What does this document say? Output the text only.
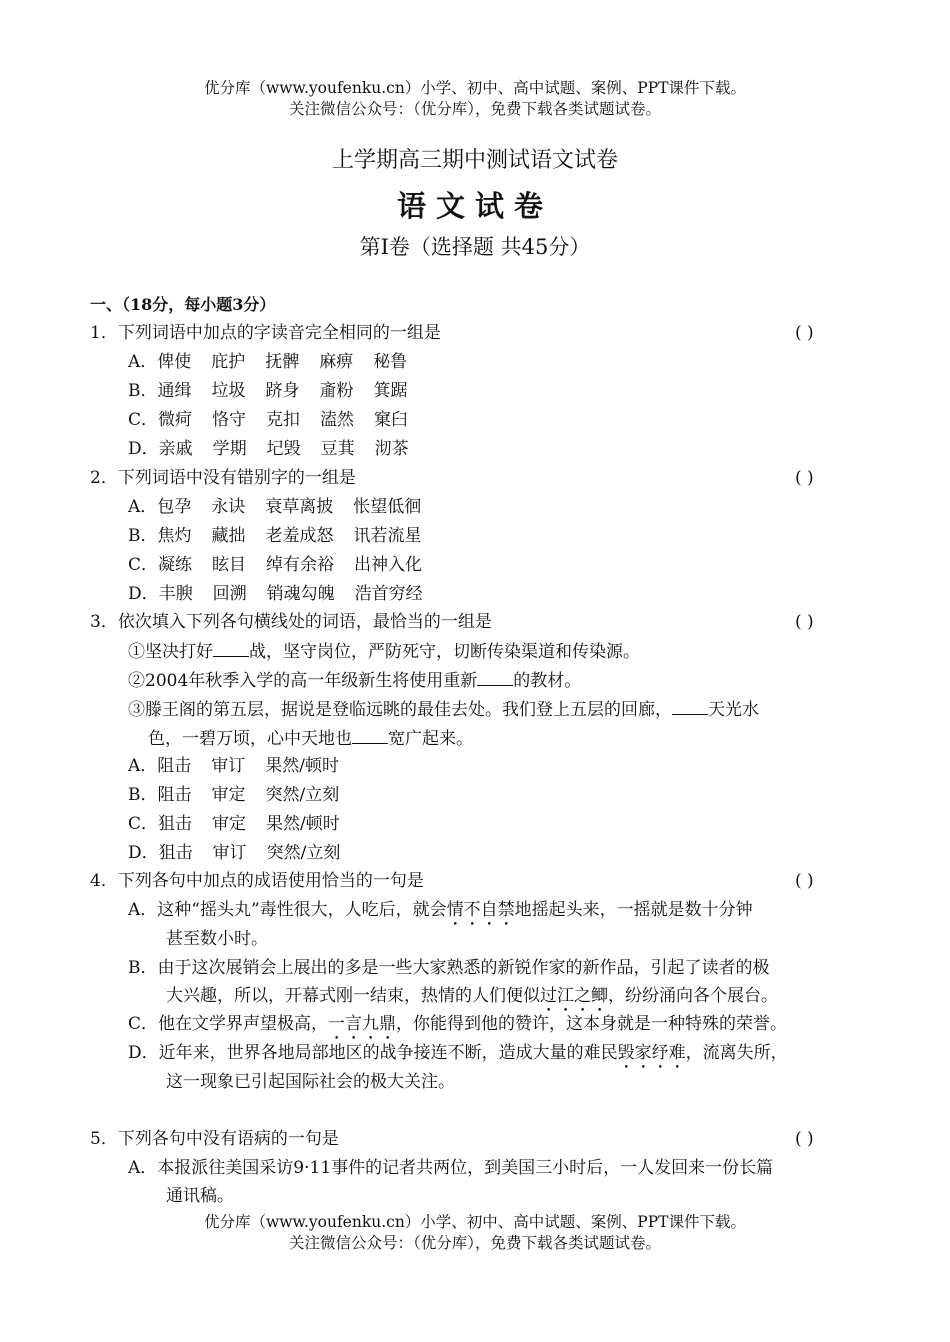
优分库（www.youfenku.cn）小学、初中、高中试题、案例、PPT课件下载。
关注微信公众号：（优分库），免费下载各类试题试卷。
上学期高三期中测试语文试卷
语文试卷
第I卷（选择题 共45分）
一、（18分，每小题3分）
1．下列词语中加点的字读音完全相同的一组是	( )
A．俾使 庇护 抚髀 麻痹 秘鲁
B．通缉 垃圾 跻身 齑粉 箕踞
C．微疴 恪守 克扣 溘然 窠臼
D．亲戚 学期 圮毁 豆萁 沏茶
2．下列词语中没有错别字的一组是	( )
A．包孕 永诀 衰草离披 怅望低徊
B．焦灼 藏拙 老羞成怒 讯若流星
C．凝练 眩目 绰有余裕 出神入化
D．丰腴 回溯 销魂勾魄 浩首穷经
3．依次填入下列各句横线处的词语，最恰当的一组是	( )
①坚决打好 战，坚守岗位，严防死守，切断传染渠道和传染源。
②2004年秋季入学的高一年级新生将使用重新 的教材。
③滕王阁的第五层，据说是登临远眺的最佳去处。我们登上五层的回廊， 天光水
色，一碧万顷，心中天地也 宽广起来。
A．阻击 审订 果然/顿时
B．阻击 审定 突然/立刻
C．狙击 审定 果然/顿时
D．狙击 审订 突然/立刻
4．下列各句中加点的成语使用恰当的一句是	( )
A．这种“摇头丸”毒性很大，人吃后，就会情不自禁地摇起头来，一摇就是数十分钟
甚至数小时。
B．由于这次展销会上展出的多是一些大家熟悉的新锐作家的新作品，引起了读者的极
大兴趣，所以，开幕式刚一结束，热情的人们便似过江之鲫，纷纷涌向各个展台。
C．他在文学界声望极高，一言九鼎，你能得到他的赞许，这本身就是一种特殊的荣誉。
D．近年来，世界各地局部地区的战争接连不断，造成大量的难民毁家纾难，流离失所，
这一现象已引起国际社会的极大关注。
5．下列各句中没有语病的一句是	( )
A．本报派往美国采访9·11事件的记者共两位，到美国三小时后，一人发回来一份长篇
通讯稿。
优分库（www.youfenku.cn）小学、初中、高中试题、案例、PPT课件下载。
关注微信公众号：（优分库），免费下载各类试题试卷。
